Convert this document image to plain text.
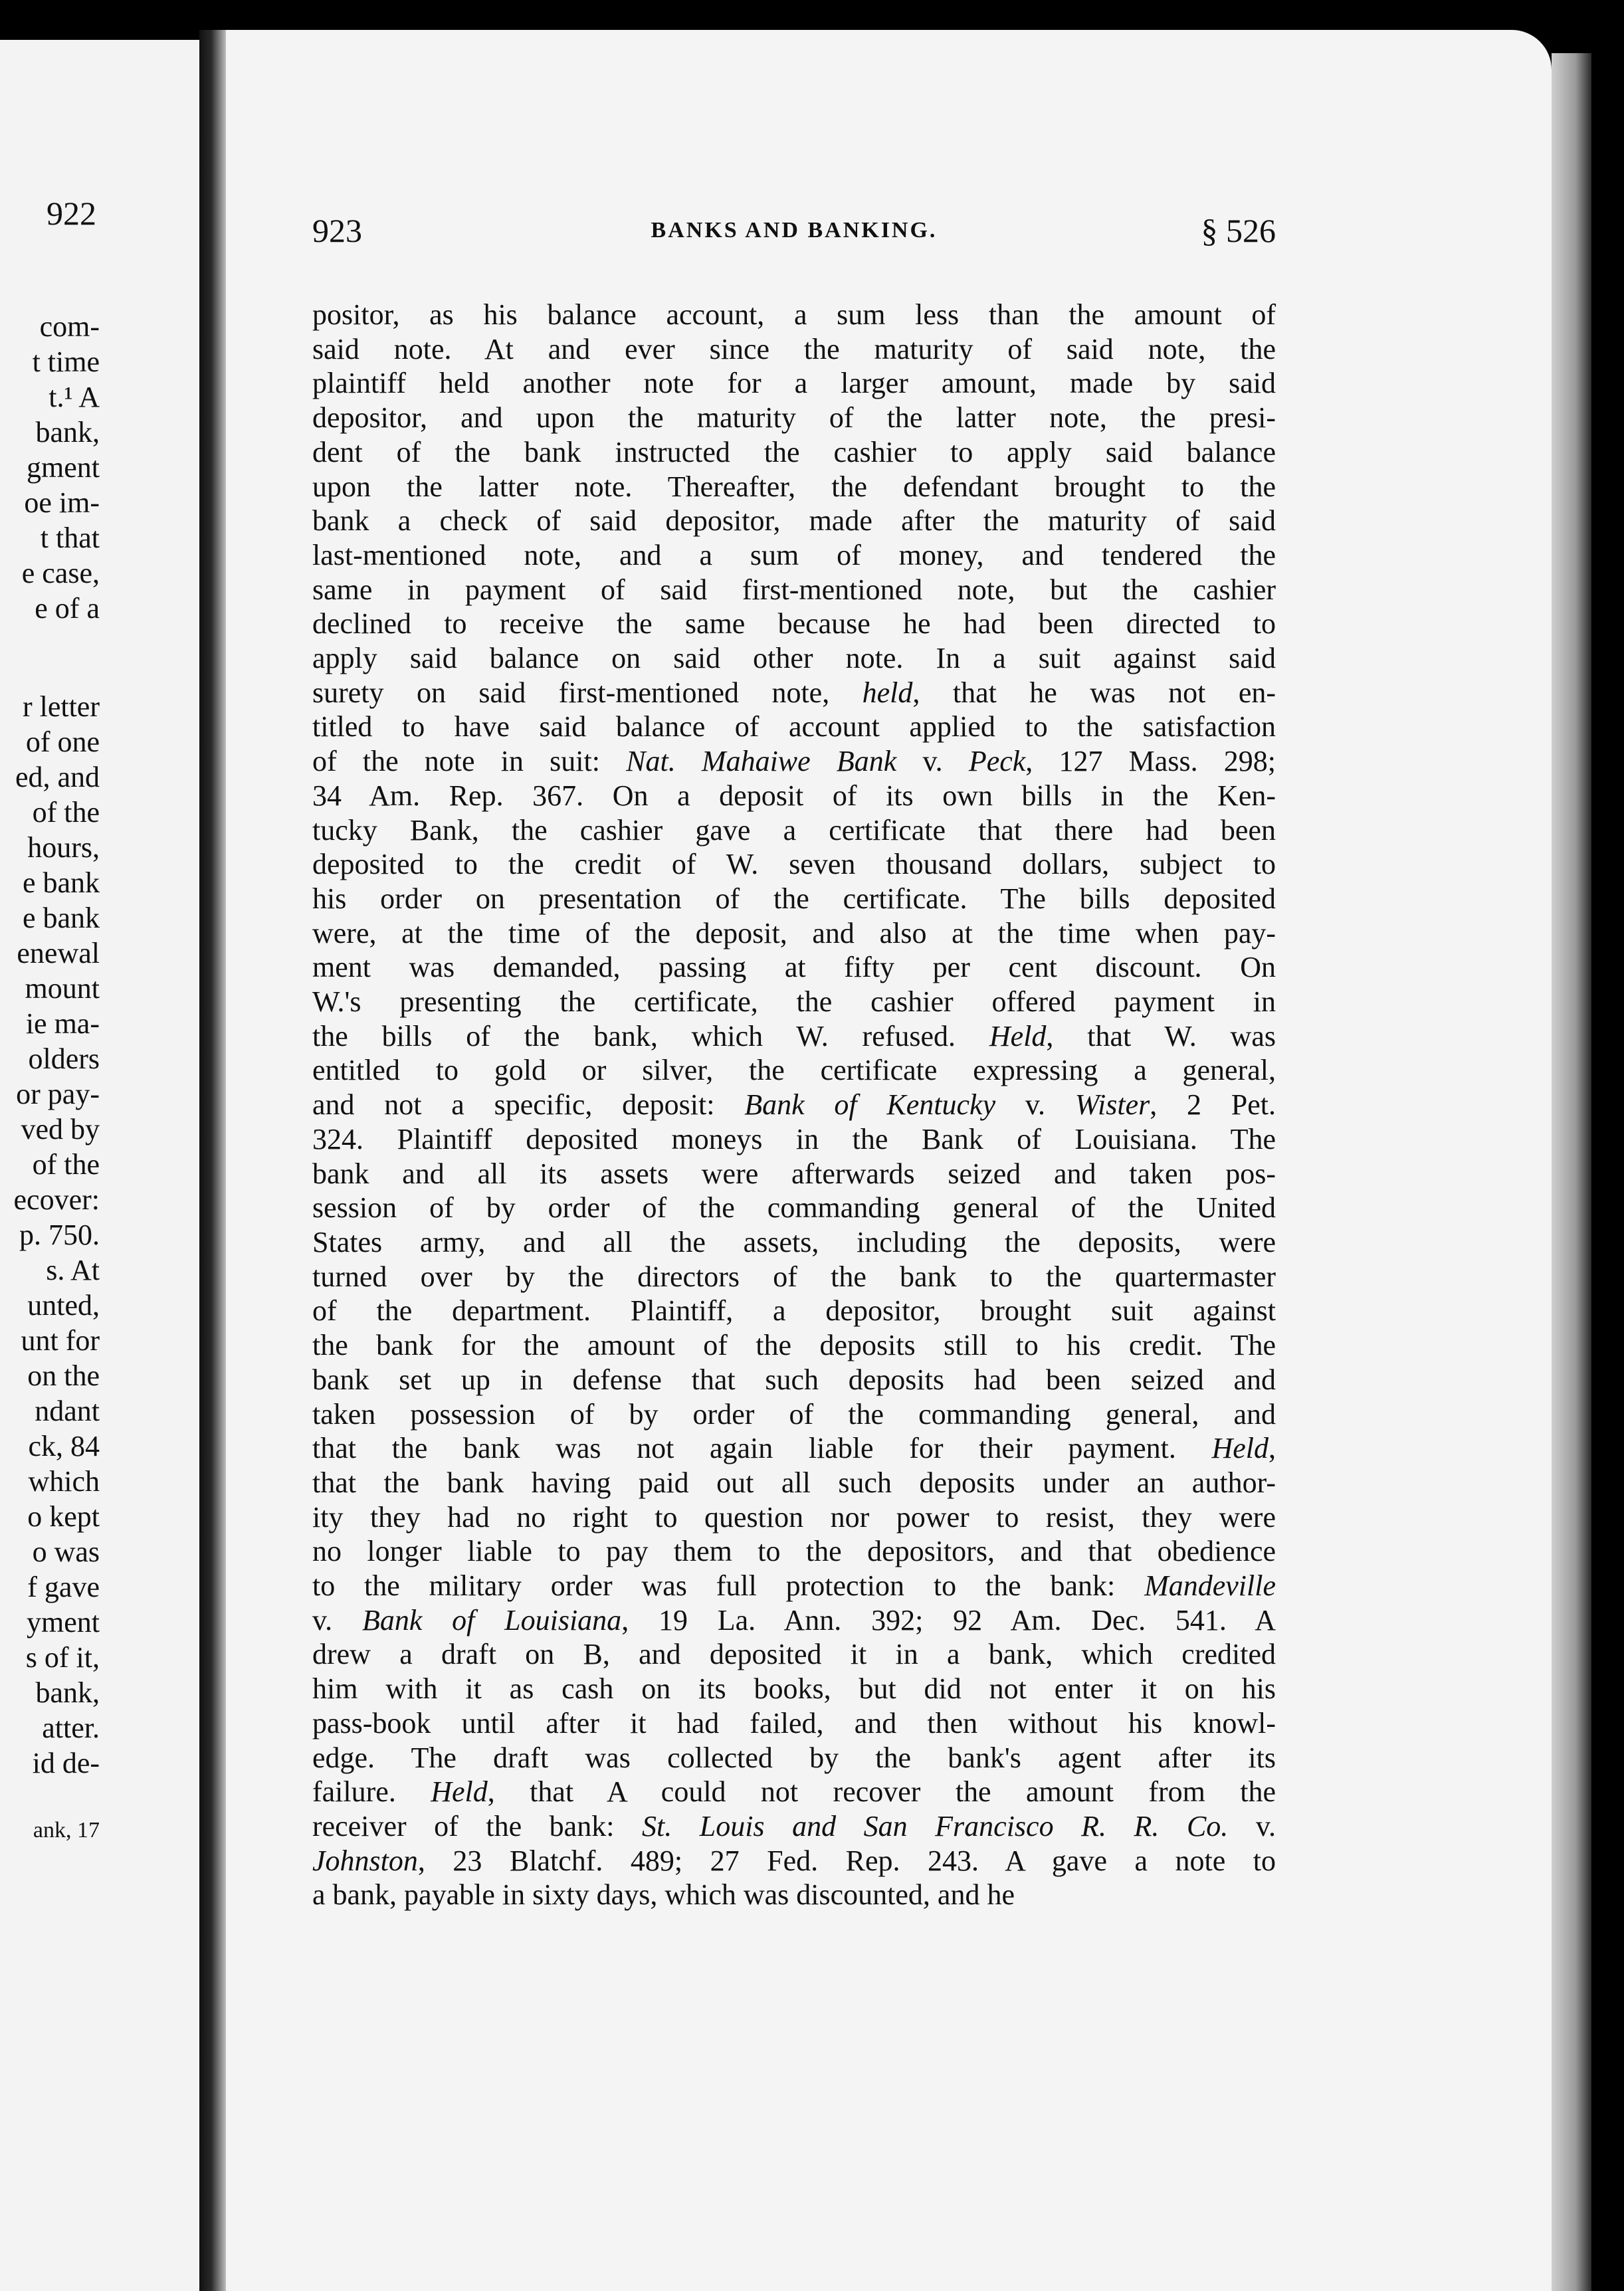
922
com-
t time
t.¹ A
bank,
gment
oe im-
t that
e case,
e of a
r letter
of one
ed, and
of the
hours,
e bank
e bank
enewal
mount
ie ma-
olders
or pay-
ved by
of the
ecover:
p. 750.
s. At
unted,
unt for
on the
ndant
ck, 84
which
o kept
o was
f gave
yment
s of it,
bank,
atter.
id de-
ank, 17
923	BANKS AND BANKING.	§ 526
positor, as his balance account, a sum less than the amount of
said note. At and ever since the maturity of said note, the
plaintiff held another note for a larger amount, made by said
depositor, and upon the maturity of the latter note, the presi-
dent of the bank instructed the cashier to apply said balance
upon the latter note. Thereafter, the defendant brought to the
bank a check of said depositor, made after the maturity of said
last-mentioned note, and a sum of money, and tendered the
same in payment of said first-mentioned note, but the cashier
declined to receive the same because he had been directed to
apply said balance on said other note. In a suit against said
surety on said first-mentioned note, held, that he was not en-
titled to have said balance of account applied to the satisfaction
of the note in suit: Nat. Mahaiwe Bank v. Peck, 127 Mass. 298;
34 Am. Rep. 367. On a deposit of its own bills in the Ken-
tucky Bank, the cashier gave a certificate that there had been
deposited to the credit of W. seven thousand dollars, subject to
his order on presentation of the certificate. The bills deposited
were, at the time of the deposit, and also at the time when pay-
ment was demanded, passing at fifty per cent discount. On
W.'s presenting the certificate, the cashier offered payment in
the bills of the bank, which W. refused. Held, that W. was
entitled to gold or silver, the certificate expressing a general,
and not a specific, deposit: Bank of Kentucky v. Wister, 2 Pet.
324. Plaintiff deposited moneys in the Bank of Louisiana. The
bank and all its assets were afterwards seized and taken pos-
session of by order of the commanding general of the United
States army, and all the assets, including the deposits, were
turned over by the directors of the bank to the quartermaster
of the department. Plaintiff, a depositor, brought suit against
the bank for the amount of the deposits still to his credit. The
bank set up in defense that such deposits had been seized and
taken possession of by order of the commanding general, and
that the bank was not again liable for their payment. Held,
that the bank having paid out all such deposits under an author-
ity they had no right to question nor power to resist, they were
no longer liable to pay them to the depositors, and that obedience
to the military order was full protection to the bank: Mandeville
v. Bank of Louisiana, 19 La. Ann. 392; 92 Am. Dec. 541. A
drew a draft on B, and deposited it in a bank, which credited
him with it as cash on its books, but did not enter it on his
pass-book until after it had failed, and then without his knowl-
edge. The draft was collected by the bank's agent after its
failure. Held, that A could not recover the amount from the
receiver of the bank: St. Louis and San Francisco R. R. Co. v.
Johnston, 23 Blatchf. 489; 27 Fed. Rep. 243. A gave a note to
a bank, payable in sixty days, which was discounted, and he
